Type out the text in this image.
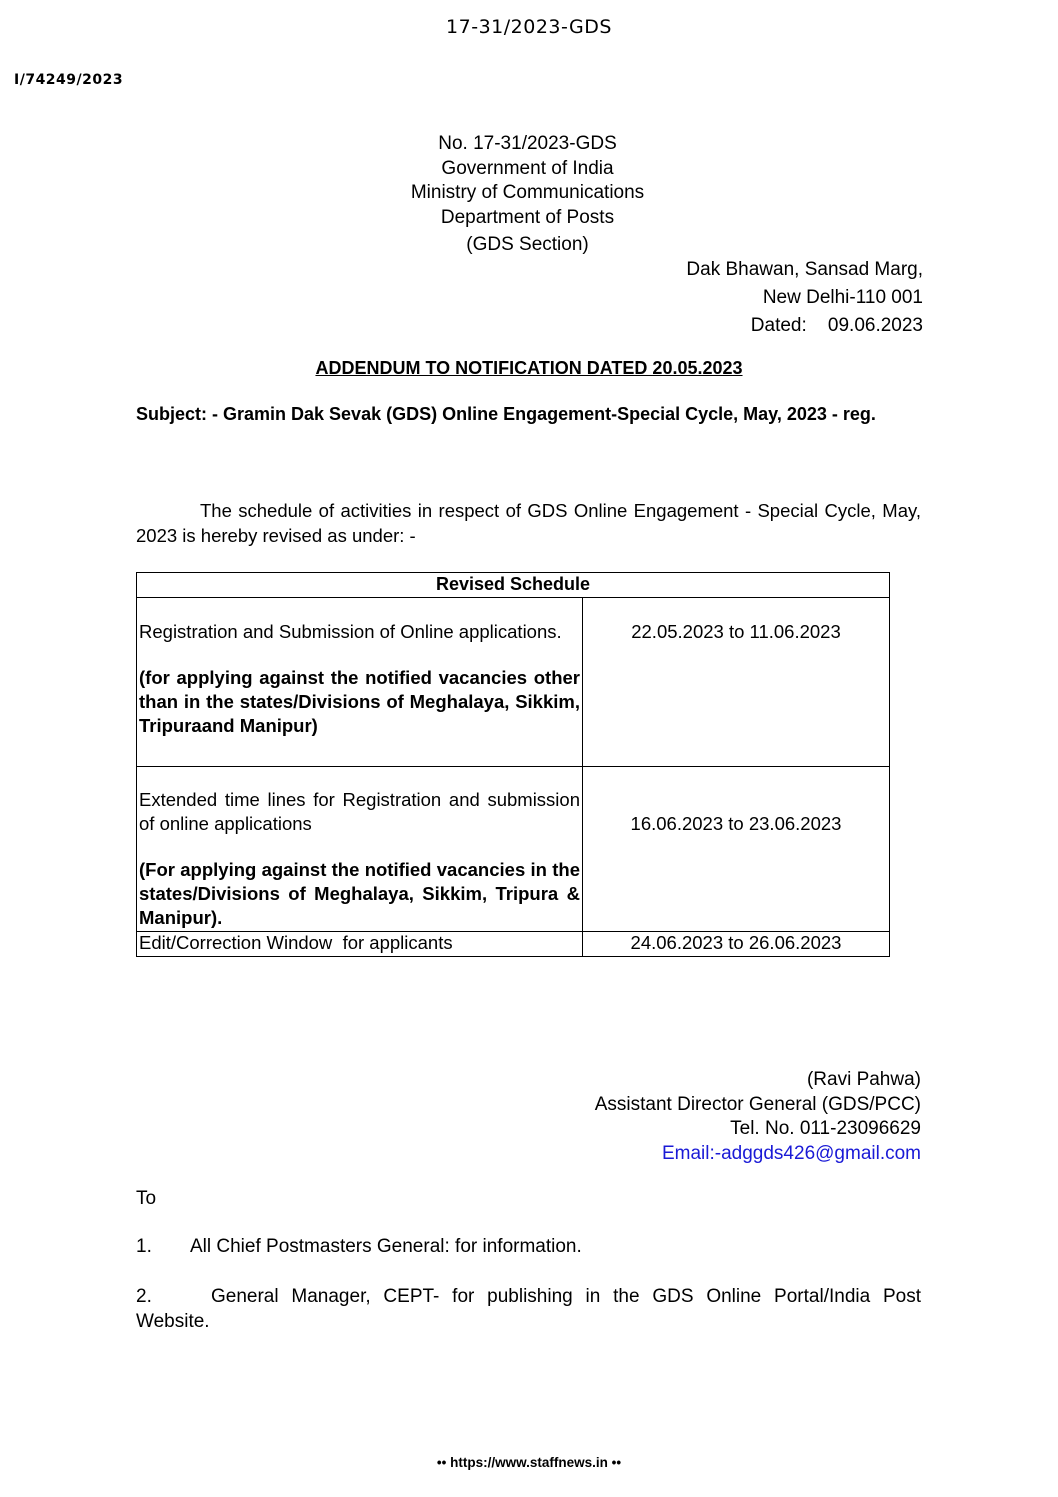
17-31/2023-GDS
I/74249/2023
No. 17-31/2023-GDS
Government of India
Ministry of Communications
Department of Posts
(GDS Section)
Dak Bhawan, Sansad Marg,
New Delhi-110 001
Dated: 09.06.2023
ADDENDUM TO NOTIFICATION DATED 20.05.2023
Subject: - Gramin Dak Sevak (GDS) Online Engagement-Special Cycle, May, 2023 - reg.
The schedule of activities in respect of GDS Online Engagement - Special Cycle, May, 2023 is hereby revised as under: -
Revised Schedule	

Registration and Submission of Online applications.
(for applying against the notified vacancies other than in the states/Divisions of Meghalaya, Sikkim, Tripuraand Manipur)	22.05.2023 to 11.06.2023

Extended time lines for Registration and submission of online applications
(For applying against the notified vacancies in the states/Divisions of Meghalaya, Sikkim, Tripura & Manipur).	16.06.2023 to 23.06.2023

Edit/Correction Window  for applicants	24.06.2023 to 26.06.2023
(Ravi Pahwa)
Assistant Director General (GDS/PCC)
Tel. No. 011-23096629
Email:-adggds426@gmail.com
To
1. All Chief Postmasters General: for information.
2.	General Manager, CEPT- for publishing in the GDS Online Portal/India Post Website.
•• https://www.staffnews.in ••
